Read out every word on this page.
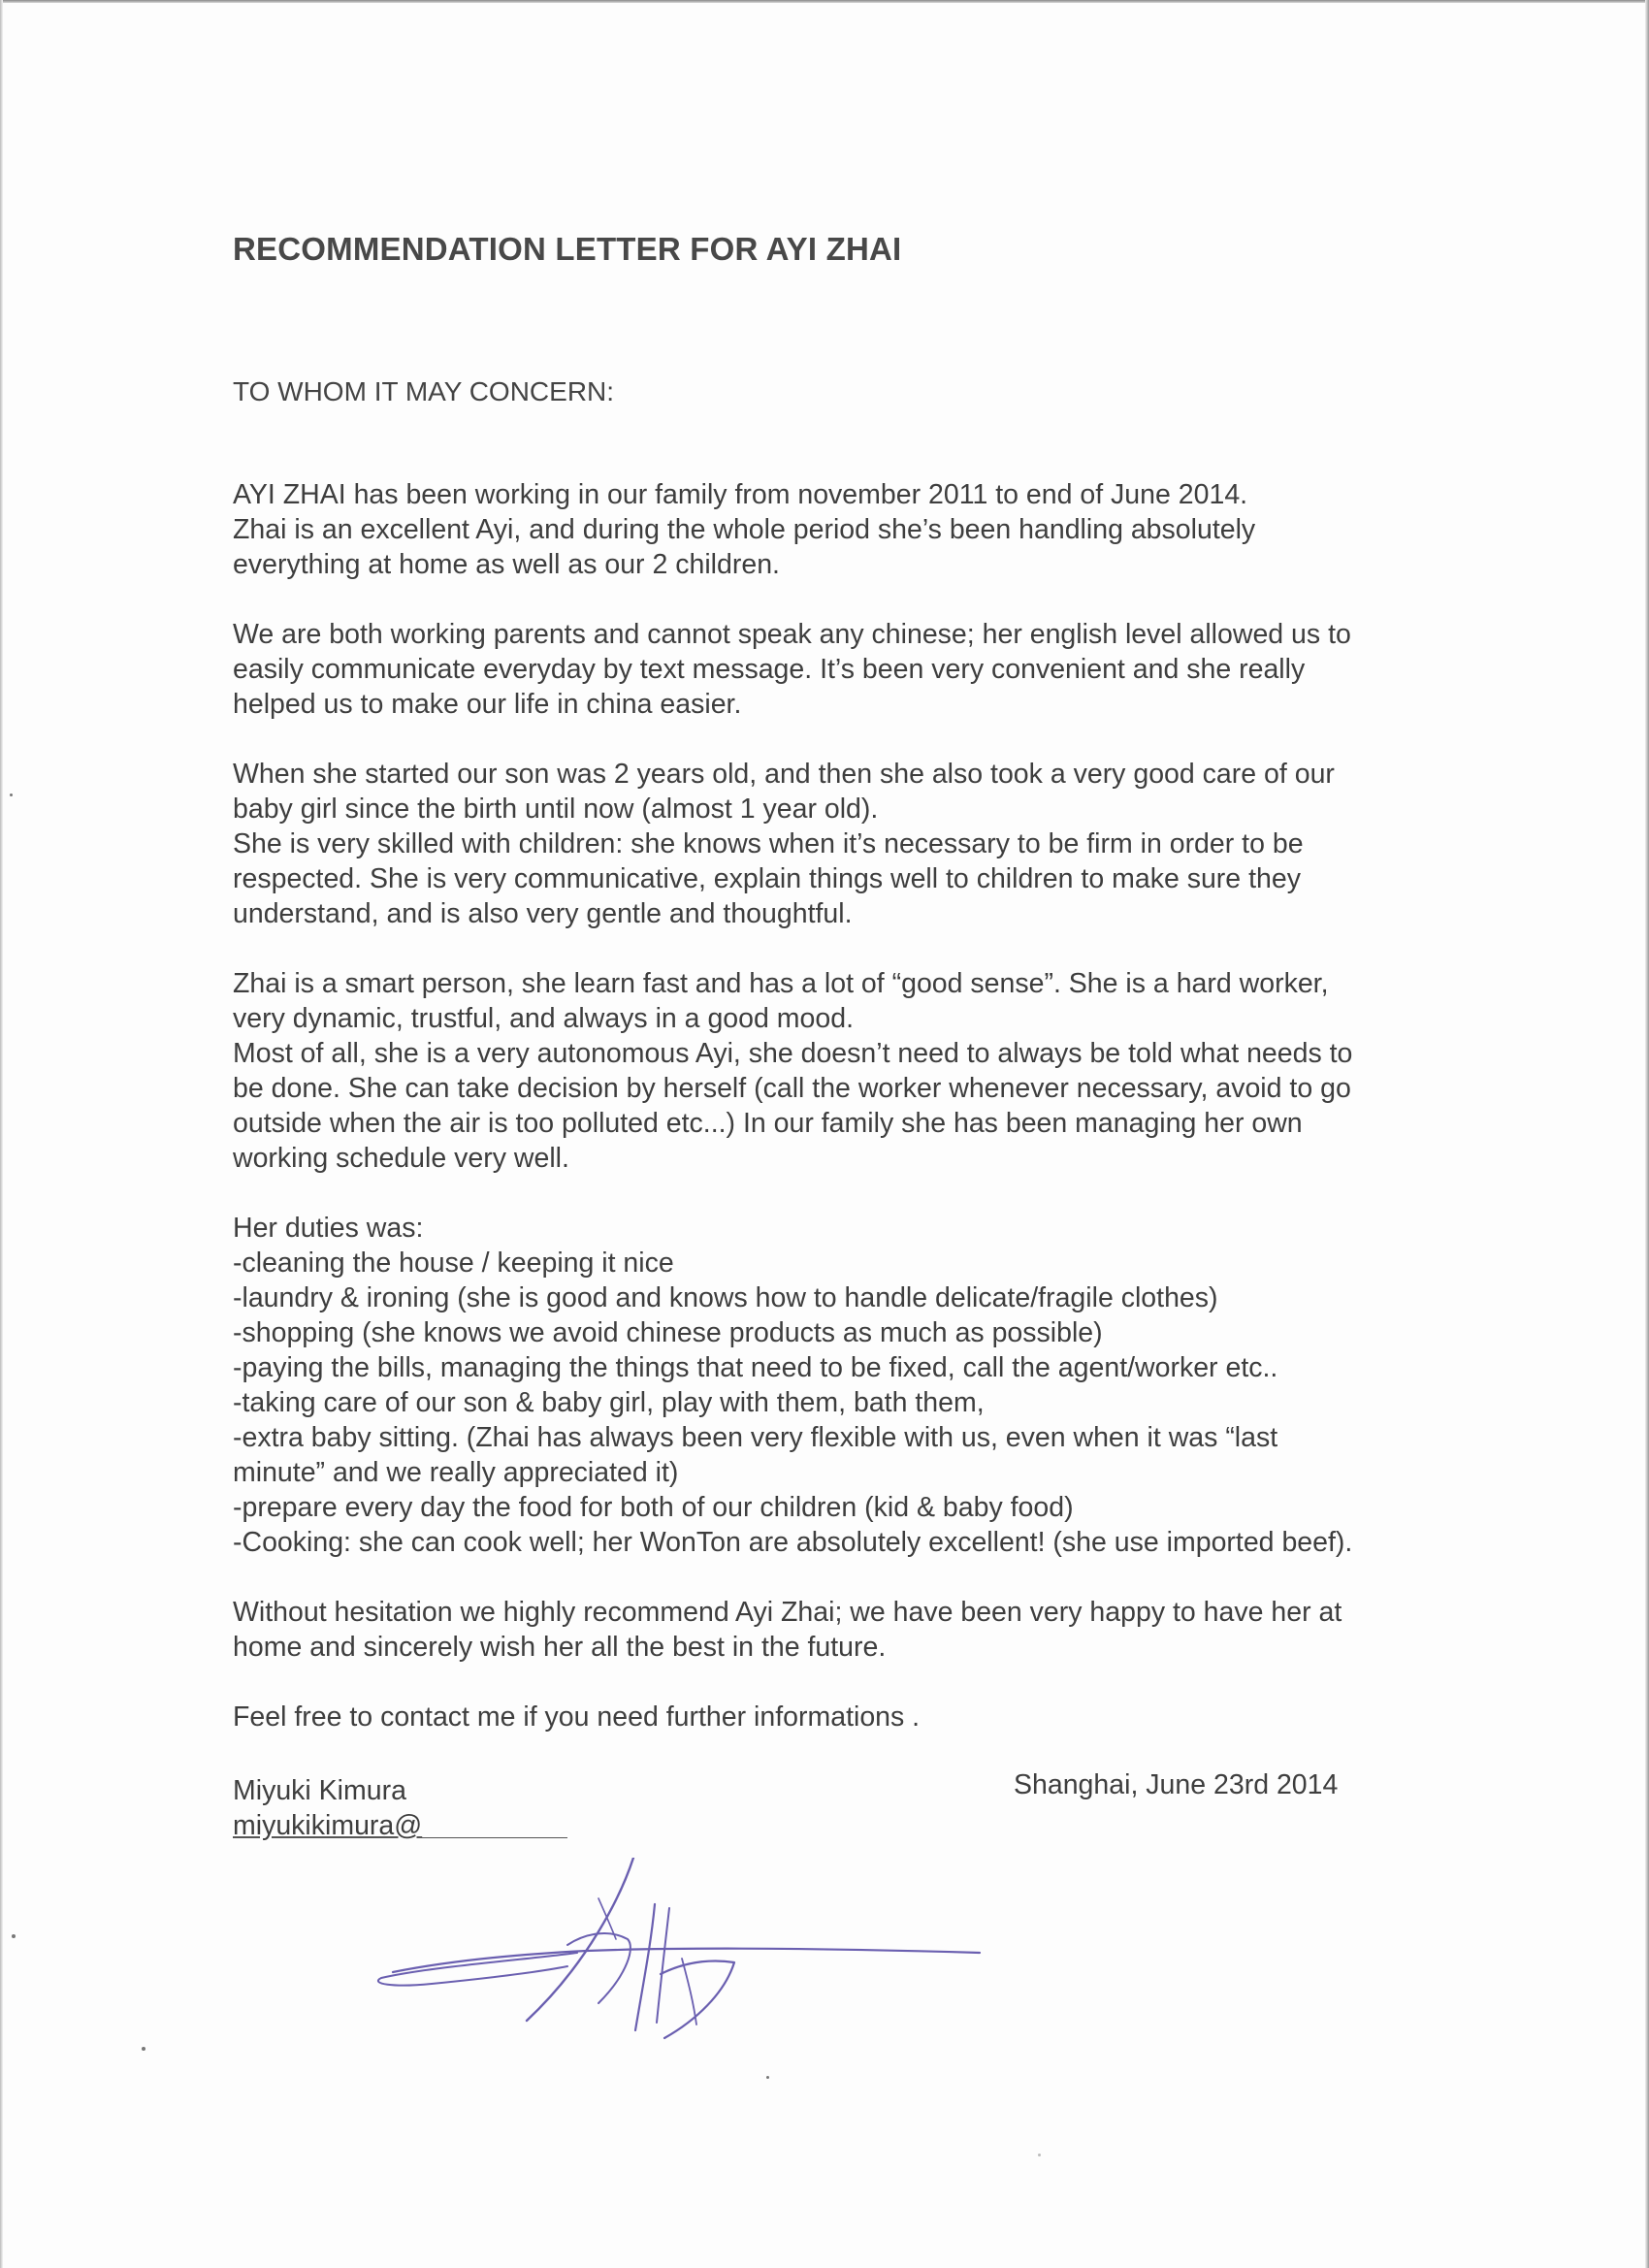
RECOMMENDATION LETTER FOR AYI ZHAI
TO WHOM IT MAY CONCERN:
AYI ZHAI has been working in our family from november 2011 to end of June 2014.
Zhai is an excellent Ayi, and during the whole period she’s been handling absolutely
everything at home as well as our 2 children.
We are both working parents and cannot speak any chinese; her english level allowed us to
easily communicate everyday by text message. It’s been very convenient and she really
helped us to make our life in china easier.
When she started our son was 2 years old, and then she also took a very good care of our
baby girl since the birth until now (almost 1 year old).
She is very skilled with children: she knows when it’s necessary to be firm in order to be
respected. She is very communicative, explain things well to children to make sure they
understand, and is also very gentle and thoughtful.
Zhai is a smart person, she learn fast and has a lot of “good sense”. She is a hard worker,
very dynamic, trustful, and always in a good mood.
Most of all, she is a very autonomous Ayi, she doesn’t need to always be told what needs to
be done. She can take decision by herself (call the worker whenever necessary, avoid to go
outside when the air is too polluted etc...) In our family she has been managing her own
working schedule very well.
Her duties was:
-cleaning the house / keeping it nice
-laundry & ironing (she is good and knows how to handle delicate/fragile clothes)
-shopping (she knows we avoid chinese products as much as possible)
-paying the bills, managing the things that need to be fixed, call the agent/worker etc..
-taking care of our son & baby girl, play with them, bath them,
-extra baby sitting. (Zhai has always been very flexible with us, even when it was “last
minute” and we really appreciated it)
-prepare every day the food for both of our children (kid & baby food)
-Cooking: she can cook well; her WonTon are absolutely excellent! (she use imported beef).
Without hesitation we highly recommend Ayi Zhai; we have been very happy to have her at
home and sincerely wish her all the best in the future.
Feel free to contact me if you need further informations .
Miyuki Kimura
miyukikimura@
Shanghai, June 23rd 2014
